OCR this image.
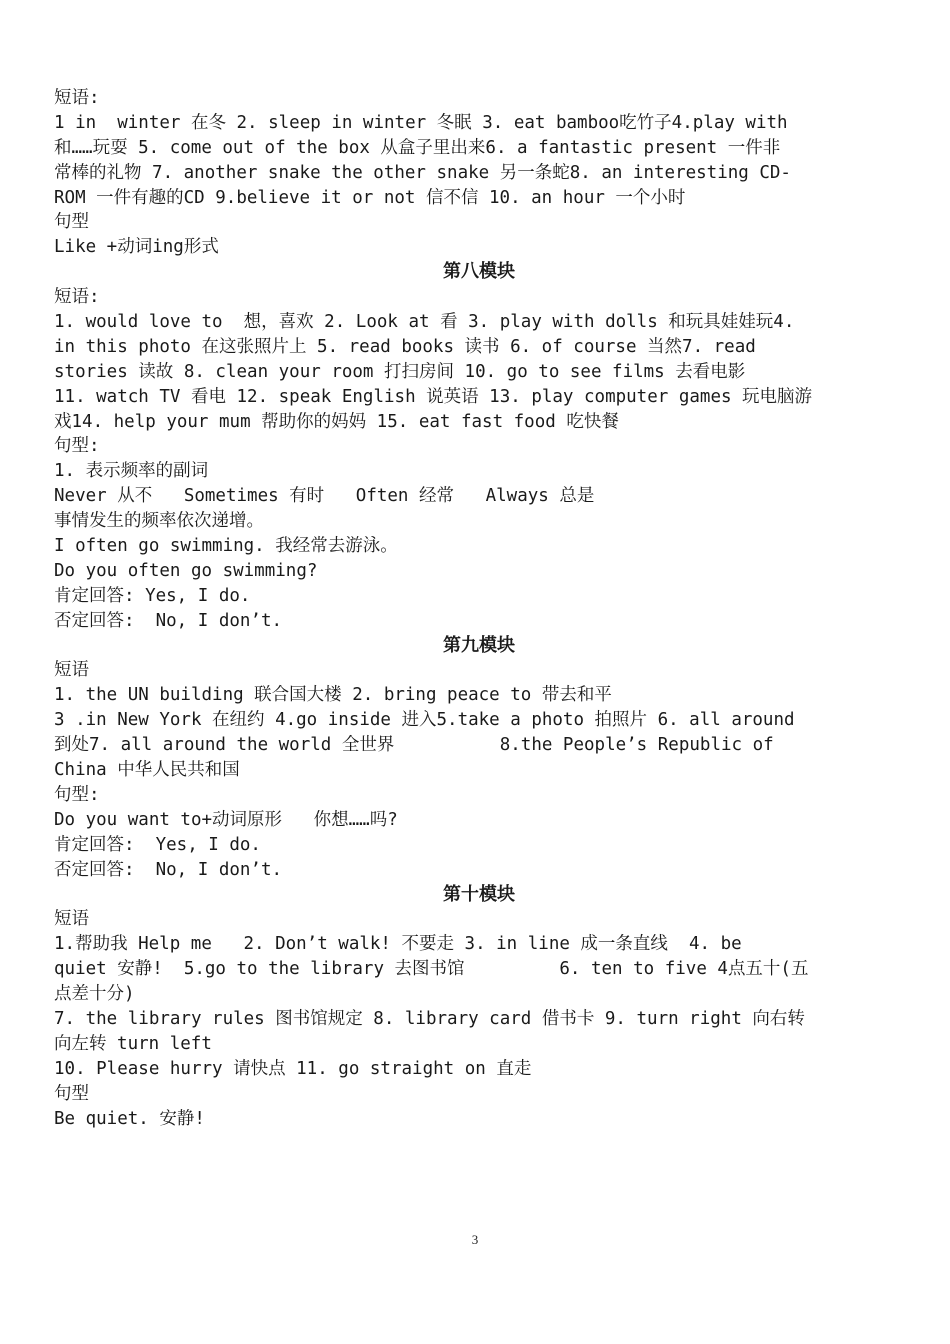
短语:
1 in  winter 在冬 2. sleep in winter 冬眠 3. eat bamboo吃竹子4.play with
和……玩耍 5. come out of the box 从盒子里出来6. a fantastic present 一件非
常棒的礼物 7. another snake the other snake 另一条蛇8. an interesting CD-
ROM 一件有趣的CD 9.believe it or not 信不信 10. an hour 一个小时
句型
Like +动词ing形式
第八模块
短语:
1. would love to  想，喜欢 2. Look at 看 3. play with dolls 和玩具娃娃玩4.
in this photo 在这张照片上 5. read books 读书 6. of course 当然7. read
stories 读故 8. clean your room 打扫房间 10. go to see films 去看电影
11. watch TV 看电 12. speak English 说英语 13. play computer games 玩电脑游
戏14. help your mum 帮助你的妈妈 15. eat fast food 吃快餐
句型:
1. 表示频率的副词
Never 从不   Sometimes 有时   Often 经常   Always 总是
事情发生的频率依次递增。
I often go swimming. 我经常去游泳。
Do you often go swimming?
肯定回答: Yes, I do.
否定回答:  No, I don’t.
第九模块
短语
1. the UN building 联合国大楼 2. bring peace to 带去和平
3 .in New York 在纽约 4.go inside 进入5.take a photo 拍照片 6. all around
到处7. all around the world 全世界          8.the People’s Republic of
China 中华人民共和国
句型:
Do you want to+动词原形   你想……吗?
肯定回答:  Yes, I do.
否定回答:  No, I don’t.
第十模块
短语
1.帮助我 Help me   2. Don’t walk! 不要走 3. in line 成一条直线  4. be
quiet 安静!  5.go to the library 去图书馆         6. ten to five 4点五十(五
点差十分)
7. the library rules 图书馆规定 8. library card 借书卡 9. turn right 向右转
向左转 turn left
10. Please hurry 请快点 11. go straight on 直走
句型
Be quiet. 安静!
3
